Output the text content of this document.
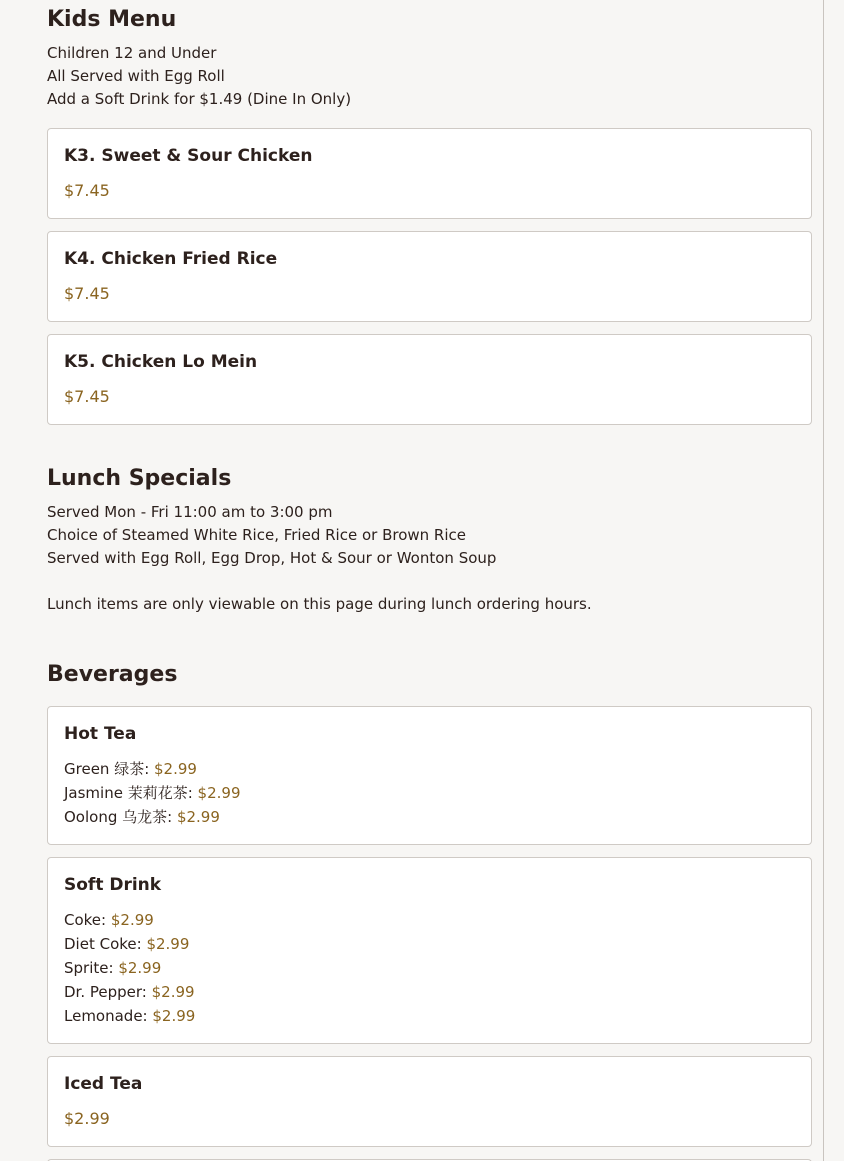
Kids Menu

Children 12 and Under

All Served with Egg Roll

Add a Soft Drink for $1.49 (Dine In Only)

K3. Sweet & Sour Chicken

$7.45

K4. Chicken Fried Rice

$7.45

K5. Chicken Lo Mein

$7.45
Lunch Specials

Served Mon - Fri 11:00 am to 3:00 pm

Choice of Steamed White Rice, Fried Rice or Brown Rice

Served with Egg Roll, Egg Drop, Hot & Sour or Wonton Soup

Lunch items are only viewable on this page during lunch ordering hours.

Beverages

Hot Tea

Green 绿茶: $2.99
Jasmine 茉莉花茶: $2.99
Oolong 乌龙茶: $2.99

Soft Drink

Coke: $2.99
Diet Coke: $2.99
Sprite: $2.99
Dr. Pepper: $2.99
Lemonade: $2.99

Iced Tea

$2.99
